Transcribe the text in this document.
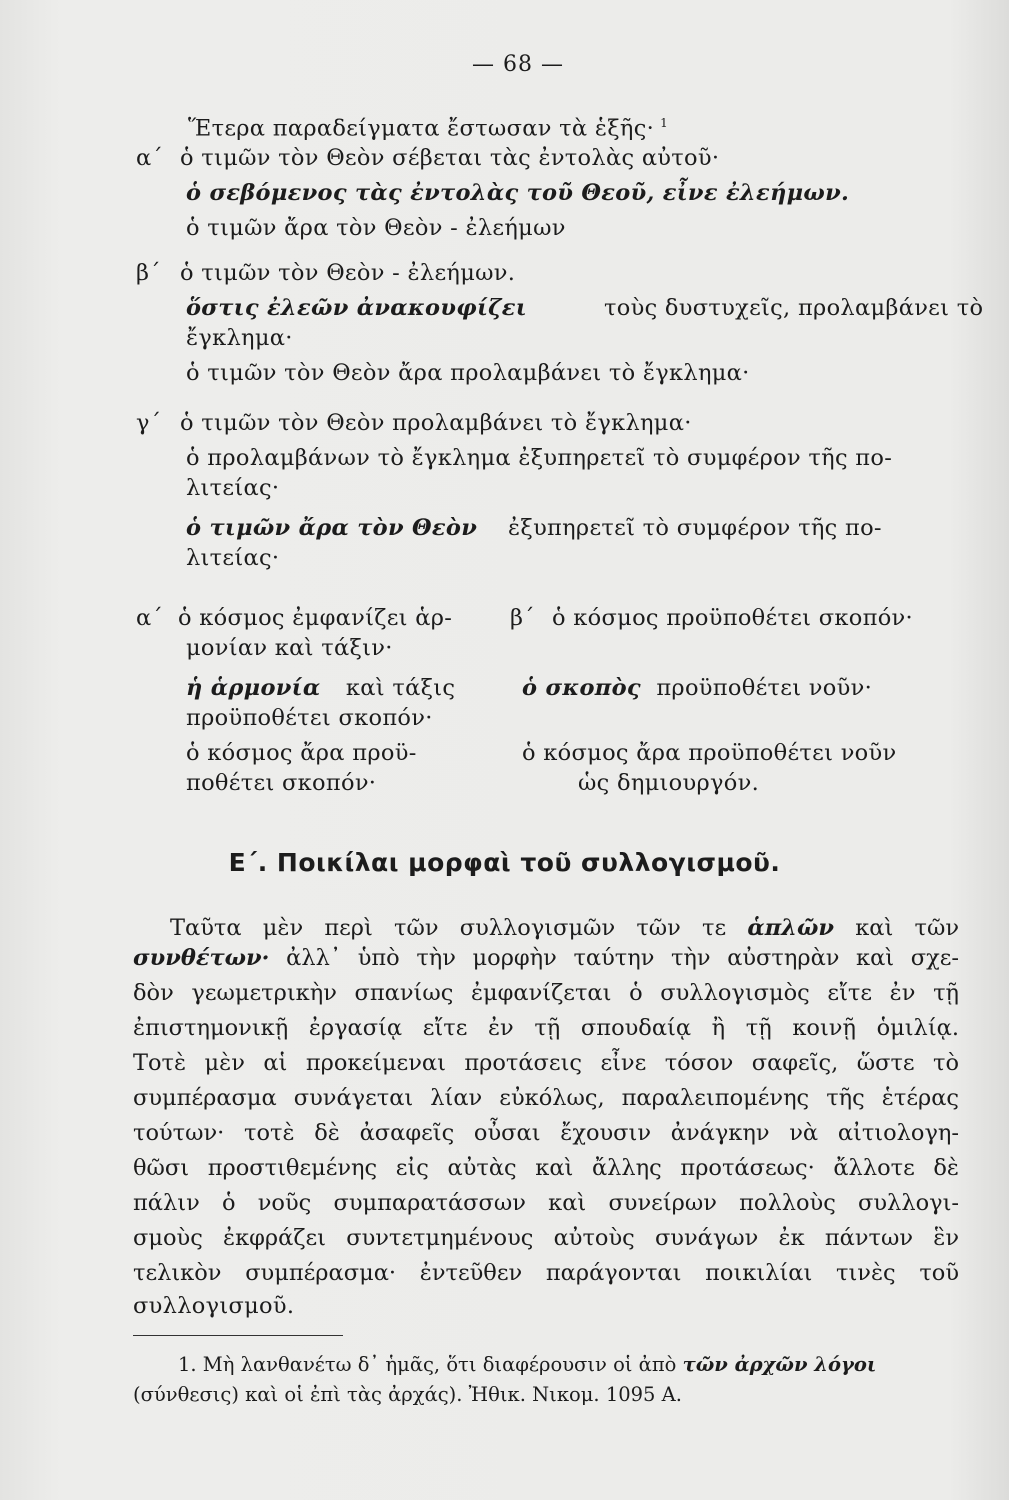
— 68 —
Ἕτερα παραδείγματα ἔστωσαν τὰ ἑξῆς· $^1$
α΄ ὁ τιμῶν τὸν Θεὸν σέβεται τὰς ἐντολὰς αὐτοῦ·
ὁ σεβόμενος τὰς ἐντολὰς τοῦ Θεοῦ, εἶνε ἐλεήμων.
ὁ τιμῶν ἄρα τὸν Θεὸν - ἐλεήμων
β΄ ὁ τιμῶν τὸν Θεὸν - ἐλεήμων.
ὅστις ἐλεῶν ἀνακουφίζει	τοὺς δυστυχεῖς, προλαμβάνει τὸ
ἔγκλημα·
ὁ τιμῶν τὸν Θεὸν ἄρα προλαμβάνει τὸ ἔγκλημα·
γ΄ ὁ τιμῶν τὸν Θεὸν προλαμβάνει τὸ ἔγκλημα·
ὁ προλαμβάνων τὸ ἔγκλημα ἐξυπηρετεῖ τὸ συμφέρον τῆς πο-
λιτείας·
ὁ τιμῶν ἄρα τὸν Θεὸν ἐξυπηρετεῖ τὸ συμφέρον τῆς πο-
λιτείας·
α΄ ὁ κόσμος ἐμφανίζει ἁρ-
μονίαν καὶ τάξιν·
ἡ ἁρμονία καὶ τάξις
προϋποθέτει σκοπόν·
ὁ κόσμος ἄρα προϋ-
ποθέτει σκοπόν·
β΄ ὁ κόσμος προϋποθέτει σκοπόν·
ὁ σκοπὸς προϋποθέτει νοῦν·
ὁ κόσμος ἄρα προϋποθέτει νοῦν
ὡς δημιουργόν.
Ε΄. Ποικίλαι μορφαὶ τοῦ συλλογισμοῦ.
Ταῦτα μὲν περὶ τῶν συλλογισμῶν τῶν τε ἁπλῶν καὶ τῶν
συνθέτων· ἀλλ᾽ ὑπὸ τὴν μορφὴν ταύτην τὴν αὐστηρὰν καὶ σχε-
δὸν γεωμετρικὴν σπανίως ἐμφανίζεται ὁ συλλογισμὸς εἴτε ἐν τῇ
ἐπιστημονικῇ ἐργασίᾳ εἴτε ἐν τῇ σπουδαίᾳ ἢ τῇ κοινῇ ὁμιλίᾳ.
Τοτὲ μὲν αἱ προκείμεναι προτάσεις εἶνε τόσον σαφεῖς, ὥστε τὸ
συμπέρασμα συνάγεται λίαν εὐκόλως, παραλειπομένης τῆς ἑτέρας
τούτων· τοτὲ δὲ ἀσαφεῖς οὖσαι ἔχουσιν ἀνάγκην νὰ αἰτιολογη-
θῶσι προστιθεμένης εἰς αὐτὰς καὶ ἄλλης προτάσεως· ἄλλοτε δὲ
πάλιν ὁ νοῦς συμπαρατάσσων καὶ συνείρων πολλοὺς συλλογι-
σμοὺς ἐκφράζει συντετμημένους αὐτοὺς συνάγων ἐκ πάντων ἓν
τελικὸν συμπέρασμα· ἐντεῦθεν παράγονται ποικιλίαι τινὲς τοῦ
συλλογισμοῦ.
1. Μὴ λανθανέτω δ᾽ ἡμᾶς, ὅτι διαφέρουσιν οἱ ἀπὸ τῶν ἀρχῶν λόγοι
(σύνθεσις) καὶ οἱ ἐπὶ τὰς ἀρχάς). Ἠθικ. Νικομ. 1095 Α.
